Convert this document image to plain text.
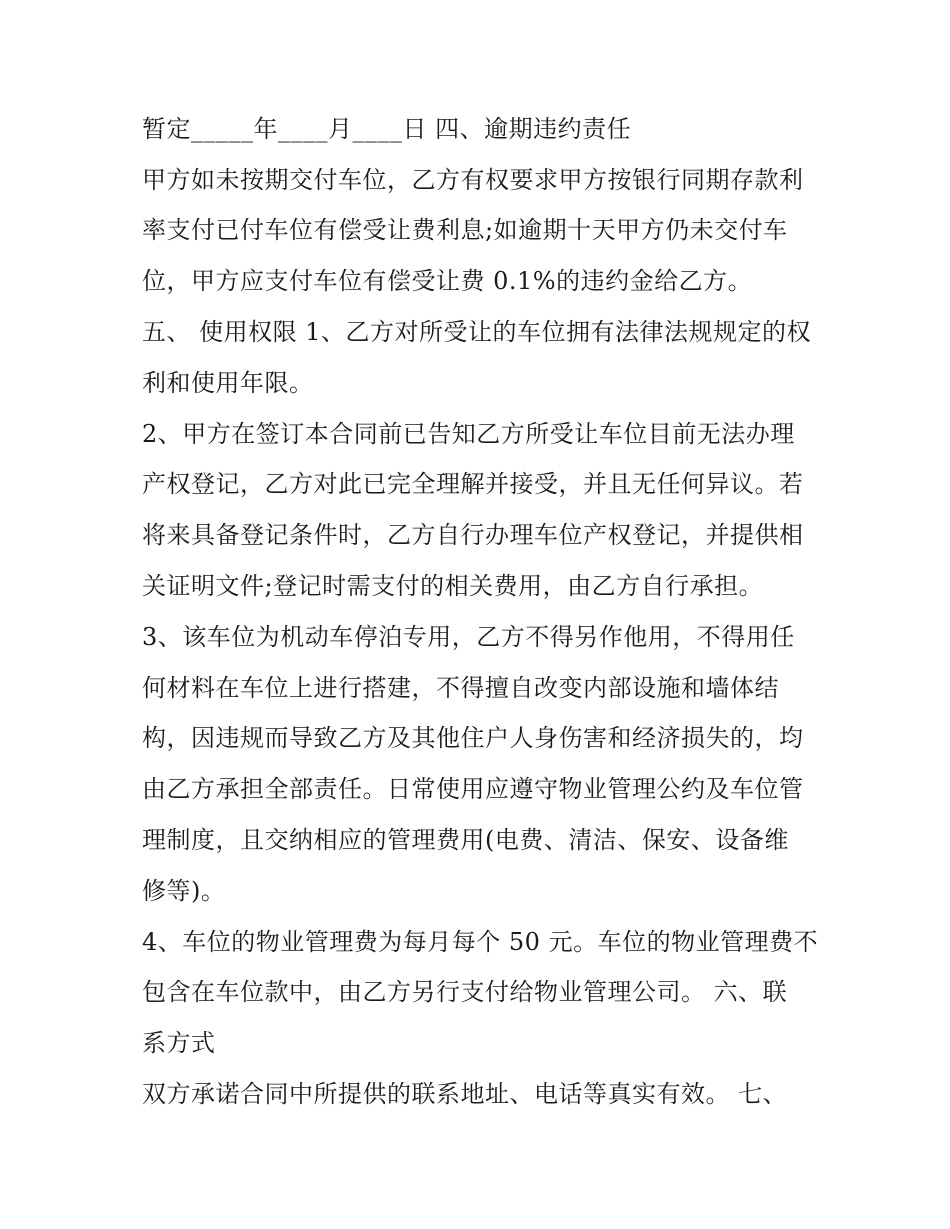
暂定_____年____月____日 四、逾期违约责任

甲方如未按期交付车位，乙方有权要求甲方按银行同期存款利

率支付已付车位有偿受让费利息;如逾期十天甲方仍未交付车

位，甲方应支付车位有偿受让费 0.1%的违约金给乙方。

五、 使用权限 1、乙方对所受让的车位拥有法律法规规定的权

利和使用年限。

2、甲方在签订本合同前已告知乙方所受让车位目前无法办理

产权登记，乙方对此已完全理解并接受，并且无任何异议。若

将来具备登记条件时，乙方自行办理车位产权登记，并提供相

关证明文件;登记时需支付的相关费用，由乙方自行承担。

3、该车位为机动车停泊专用，乙方不得另作他用，不得用任

何材料在车位上进行搭建，不得擅自改变内部设施和墙体结

构，因违规而导致乙方及其他住户人身伤害和经济损失的，均

由乙方承担全部责任。日常使用应遵守物业管理公约及车位管

理制度，且交纳相应的管理费用(电费、清洁、保安、设备维

修等)。

4、车位的物业管理费为每月每个 50 元。车位的物业管理费不

包含在车位款中，由乙方另行支付给物业管理公司。 六、联

系方式

双方承诺合同中所提供的联系地址、电话等真实有效。 七、
